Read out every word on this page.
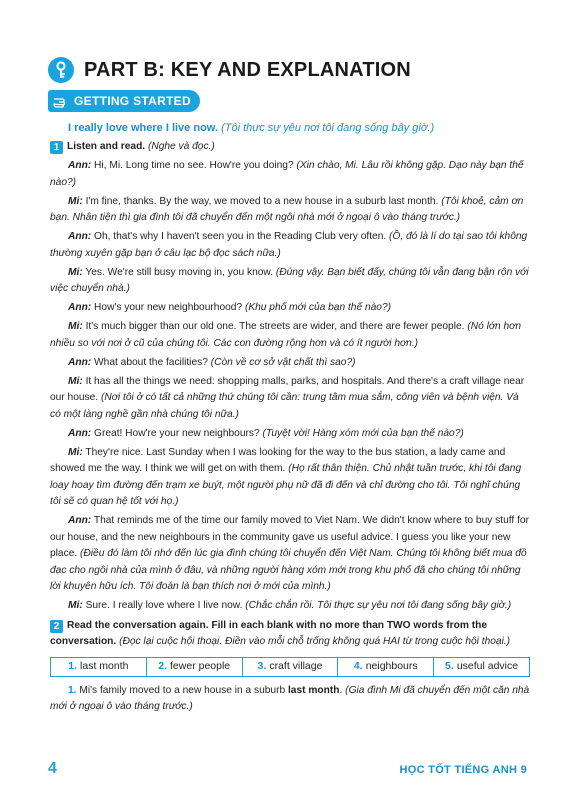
PART B: KEY AND EXPLANATION
GETTING STARTED

I really love where I live now. (Tôi thực sự yêu nơi tôi đang sống bây giờ.)

1 Listen and read. (Nghe và đọc.)

Ann: Hi, Mi. Long time no see. How're you doing? (Xin chào, Mi. Lâu rồi không gặp. Dạo này bạn thế nào?)

Mi: I'm fine, thanks. By the way, we moved to a new house in a suburb last month. (Tôi khoẻ, cảm ơn bạn. Nhân tiện thì gia đình tôi đã chuyển đến một ngôi nhà mới ở ngoại ô vào tháng trước.)

Ann: Oh, that's why I haven't seen you in the Reading Club very often. (Ồ, đó là lí do tại sao tôi không thường xuyên gặp bạn ở câu lạc bộ đọc sách nữa.)

Mi: Yes. We're still busy moving in, you know. (Đúng vậy. Bạn biết đấy, chúng tôi vẫn đang bận rộn với việc chuyển nhà.)

Ann: How's your new neighbourhood? (Khu phố mới của bạn thế nào?)

Mi: It's much bigger than our old one. The streets are wider, and there are fewer people. (Nó lớn hơn nhiều so với nơi ở cũ của chúng tôi. Các con đường rộng hơn và có ít người hơn.)

Ann: What about the facilities? (Còn về cơ sở vật chất thì sao?)

Mi: It has all the things we need: shopping malls, parks, and hospitals. And there's a craft village near our house. (Nơi tôi ở có tất cả những thứ chúng tôi cần: trung tâm mua sắm, công viên và bệnh viện. Và có một làng nghề gần nhà chúng tôi nữa.)

Ann: Great! How're your new neighbours? (Tuyệt vời! Hàng xóm mới của bạn thế nào?)

Mi: They're nice. Last Sunday when I was looking for the way to the bus station, a lady came and showed me the way. I think we will get on with them. (Họ rất thân thiện. Chủ nhật tuần trước, khi tôi đang loay hoay tìm đường đến trạm xe buýt, một người phụ nữ đã đi đến và chỉ đường cho tôi. Tôi nghĩ chúng tôi sẽ có quan hệ tốt với họ.)

Ann: That reminds me of the time our family moved to Viet Nam. We didn't know where to buy stuff for our house, and the new neighbours in the community gave us useful advice. I guess you like your new place. (Điều đó làm tôi nhớ đến lúc gia đình chúng tôi chuyển đến Việt Nam. Chúng tôi không biết mua đồ đạc cho ngôi nhà của mình ở đâu, và những người hàng xóm mới trong khu phố đã cho chúng tôi những lời khuyên hữu ích. Tôi đoán là bạn thích nơi ở mới của mình.)

Mi: Sure. I really love where I live now. (Chắc chắn rồi. Tôi thực sự yêu nơi tôi đang sống bây giờ.)

2 Read the conversation again. Fill in each blank with no more than TWO words from the conversation. (Đọc lại cuộc hội thoại. Điền vào mỗi chỗ trống không quá HAI từ trong cuộc hội thoại.)

1. last month	2. fewer people	3. craft village	4. neighbours	5. useful advice

1. Mi's family moved to a new house in a suburb last month. (Gia đình Mi đã chuyển đến một căn nhà mới ở ngoại ô vào tháng trước.)

4	HỌC TỐT TIẾNG ANH 9
